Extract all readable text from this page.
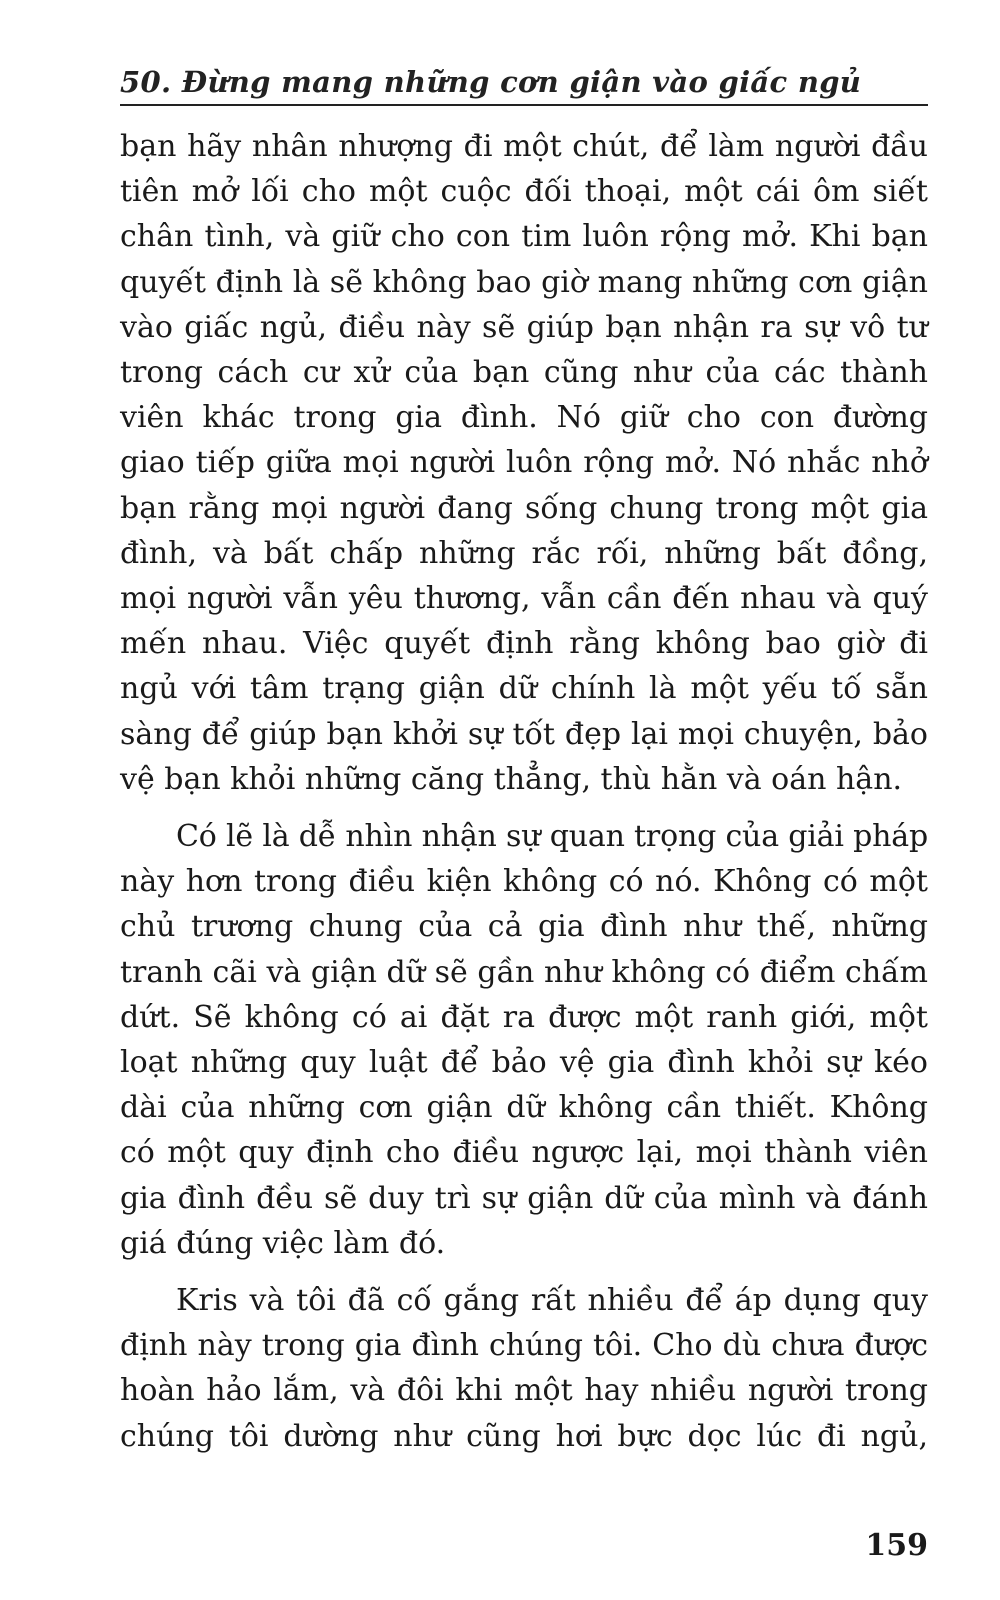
50. Đừng mang những cơn giận vào giấc ngủ

bạn hãy nhân nhượng đi một chút, để làm người đầu
tiên mở lối cho một cuộc đối thoại, một cái ôm siết
chân tình, và giữ cho con tim luôn rộng mở. Khi bạn
quyết định là sẽ không bao giờ mang những cơn giận
vào giấc ngủ, điều này sẽ giúp bạn nhận ra sự vô tư
trong cách cư xử của bạn cũng như của các thành
viên khác trong gia đình. Nó giữ cho con đường
giao tiếp giữa mọi người luôn rộng mở. Nó nhắc nhở
bạn rằng mọi người đang sống chung trong một gia
đình, và bất chấp những rắc rối, những bất đồng,
mọi người vẫn yêu thương, vẫn cần đến nhau và quý
mến nhau. Việc quyết định rằng không bao giờ đi
ngủ với tâm trạng giận dữ chính là một yếu tố sẵn
sàng để giúp bạn khởi sự tốt đẹp lại mọi chuyện, bảo
vệ bạn khỏi những căng thẳng, thù hằn và oán hận.

Có lẽ là dễ nhìn nhận sự quan trọng của giải pháp
này hơn trong điều kiện không có nó. Không có một
chủ trương chung của cả gia đình như thế, những
tranh cãi và giận dữ sẽ gần như không có điểm chấm
dứt. Sẽ không có ai đặt ra được một ranh giới, một
loạt những quy luật để bảo vệ gia đình khỏi sự kéo
dài của những cơn giận dữ không cần thiết. Không
có một quy định cho điều ngược lại, mọi thành viên
gia đình đều sẽ duy trì sự giận dữ của mình và đánh
giá đúng việc làm đó.

Kris và tôi đã cố gắng rất nhiều để áp dụng quy
định này trong gia đình chúng tôi. Cho dù chưa được
hoàn hảo lắm, và đôi khi một hay nhiều người trong
chúng tôi dường như cũng hơi bực dọc lúc đi ngủ,

159
